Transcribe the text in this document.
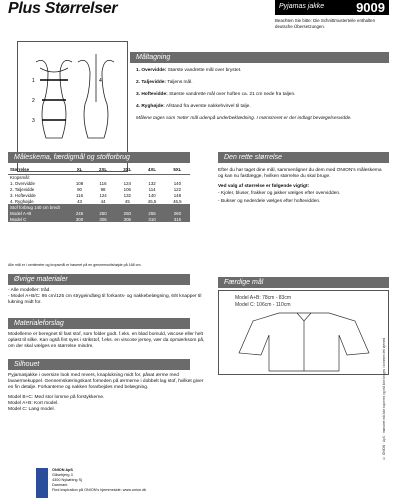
Plus Størrelser	Pyjamas jakke 9009
Beachten Sie bitte: Die Schnittmusterteile enthalten deutsche Übersetzungen.
1
2
3
4
Måltagning

1. Overvidde: Største vandrette mål over brystet.

2. Taljevidde: Taljens mål.

3. Hoftevidde: Største vandrette mål over hoften ca. 21 cm nede fra taljen.

4. Ryghøjde: Afstand fra øverste nakkehvirvel til talje.

Målene tages som 'nette' mål udenpå underbeklædning. I mønstreret er der indlagt bevægelsesvidde.

Måleskema, færdigmål og stofforbrug
Størrelse	XL	2XL	3XL	4XL	5XL
Kropsmål:					
1. Overvidde	108	116	124	132	140
2. Taljevidde	90	98	106	114	122
3. Hoftevidde	116	124	132	140	148
4. Ryghøjde	43	44	45	45,5	46,5
Stof forbrug 140 cm bredt					
Model A+B	245	250	250	255	260
Model C	300	305	305	310	315
Alle mål er i centimeter og kropsmål er baseret på en gennemsnitshøjde på 168 cm.
Den rette størrelse

Efter du har taget dine mål, sammenligner du dem med ONION's måleskema og kan nu fastlægge, hvilken størrelse du skal bruge.

Ved valg af størrelse er følgende vigtigt:

- Kjoler, bluser, frakker og jakker vælges efter overvidden.

- Bukser og nederdele vælges efter hoftevidden.

Øvrige materialer

- Alle modeller: tråd.

- Model A+B/C: 95 cm/125 cm strygeindlæg til forkants- og nakkebelægning, 6/8 knapper til lukning midt for.

Materialeforslag
Modellerne er beregnet til fast stof, som folder godt. f.eks. en blød bomuld, viscose eller helt opløst til silke. Kan også fint syes i strikstof, f.eks. en viscose jersey, vær da opmærksom på, om der skal vælges en størrelse mindre.
Silhouet

Pyjamasjakke i oversize look med revers, knaplukning midt for, påsat ærme med lavaermekuppel. Gennemskæringskant forneden på ærmerne i dobbelt lag stof, hvilket giver en fin detalje. Forkanterne og nakken forarbejdes med belægning.

Model B+C: Med stor lomme på forstykkerne.

Model A+B: Kort model.

Model C: Lang model.

Færdige mål
Model A+B: 78cm - 83cm
Model C: 106cm - 110cm
© ONION · ApS · mønstret må ikke kopieres og må ikke bruges i kommercielt øjemed
ONION ApS
Gåsebjerg 3
4300 Nykøbing Sj
Danmark
Find inspiration på ONION's hjemmeside: www.onion.dk
